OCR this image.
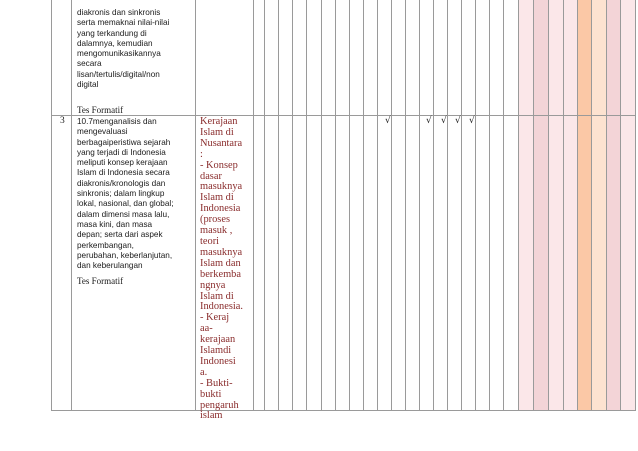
diakronis dan sinkronis
serta memaknai nilai-nilai
yang terkandung di
dalamnya, kemudian
mengomunikasikannya
secara
lisan/tertulis/digital/non
digital
Tes Formatif
3 10.7menganalisis dan
mengevaluasi
berbagaiperistiwa sejarah
yang terjadi di Indonesia
meliputi konsep kerajaan
Islam di Indonesia secara
diakronis/kronologis dan
sinkronis; dalam lingkup
lokal, nasional, dan global;
dalam dimensi masa lalu,
masa kini, dan masa
depan; serta dari aspek
perkembangan,
perubahan, keberlanjutan,
dan keberulangan
Tes Formatif
Kerajaan
Islam di
Nusantara
:
- Konsep
dasar
masuknya
Islam di
Indonesia
(proses
masuk ,
teori
masuknya
Islam dan
berkemba
ngnya
Islam di
Indonesia.
- Keraj
aa-
kerajaan
Islamdi
Indonesi
a.
- Bukti-
bukti
pengaruh
islam
√	√ √ √ √
